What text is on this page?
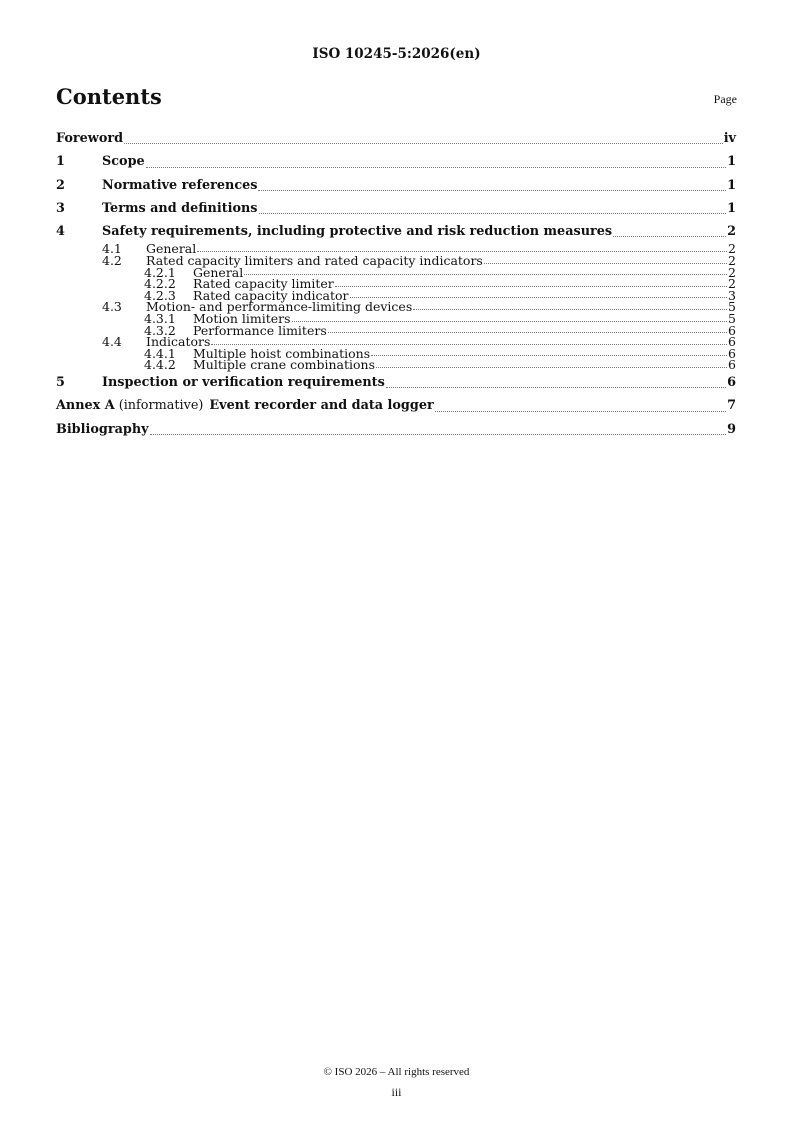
ISO 10245-5:2026(en)
Contents	Page
Foreword	iv
1	Scope	1
2	Normative references	1
3	Terms and definitions	1
4	Safety requirements, including protective and risk reduction measures	2
4.1	General	2
4.2	Rated capacity limiters and rated capacity indicators	2
4.2.1	General	2
4.2.2	Rated capacity limiter	2
4.2.3	Rated capacity indicator	3
4.3	Motion- and performance-limiting devices	5
4.3.1	Motion limiters	5
4.3.2	Performance limiters	6
4.4	Indicators	6
4.4.1	Multiple hoist combinations	6
4.4.2	Multiple crane combinations	6
5	Inspection or verification requirements	6
Annex A (informative) Event recorder and data logger	7
Bibliography	9
© ISO 2026 – All rights reserved
iii
